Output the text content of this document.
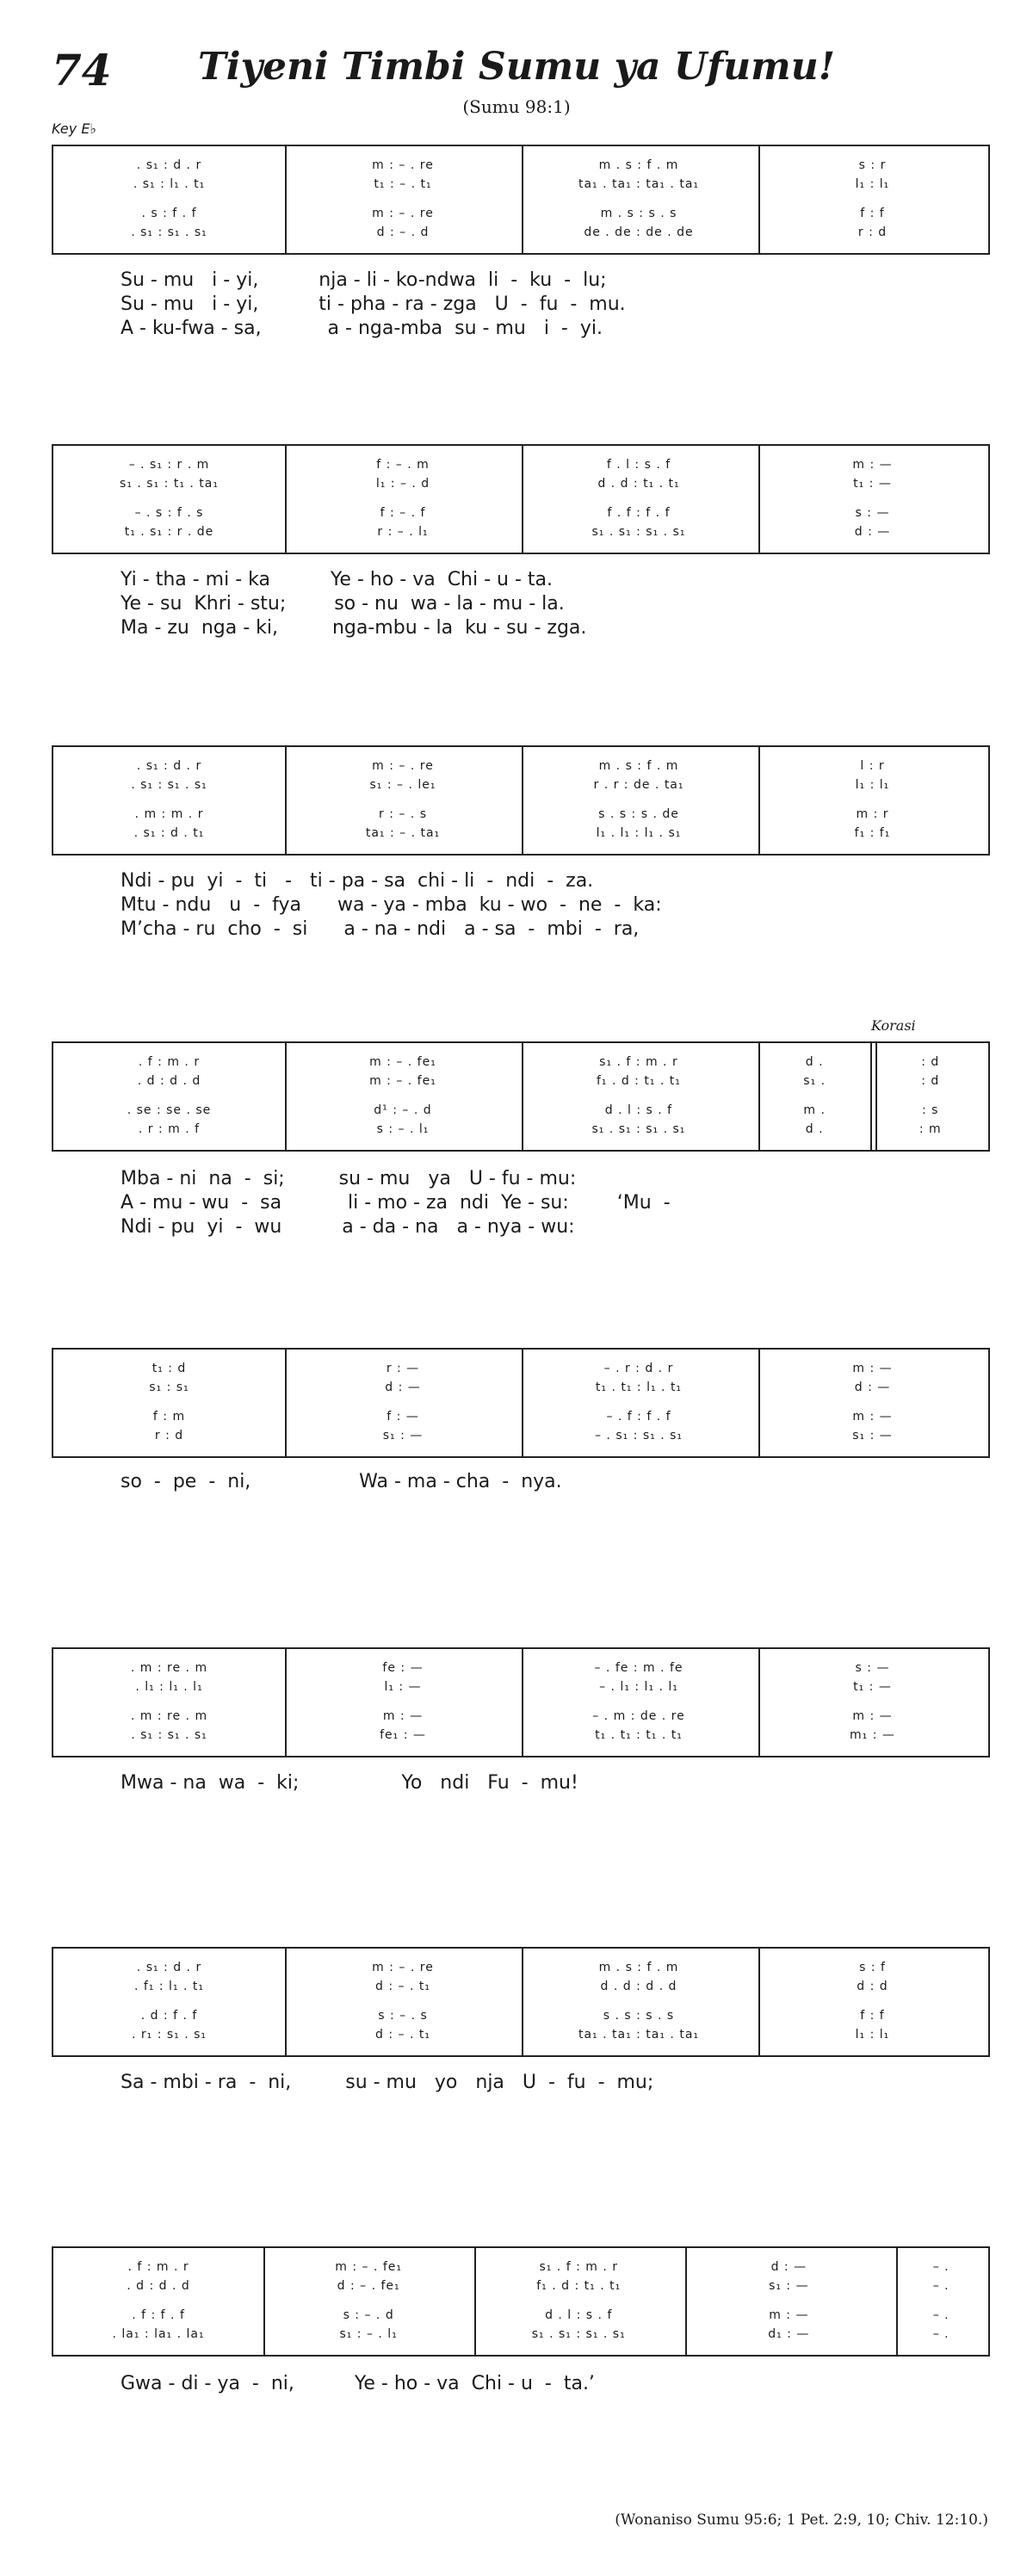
74	Tiyeni Timbi Sumu ya Ufumu!
(Sumu 98:1)
Key E♭
Korasi
. s₁ : d . r	m : – . re	m . s : f . m	s : r
. s₁ : l₁ . t₁	t₁ : – . t₁	ta₁ . ta₁ : ta₁ . ta₁	l₁ : l₁
. s : f . f	m : – . re	m . s : s . s	f : f
. s₁ : s₁ . s₁	d : – . d	de . de : de . de	r : d
Su - mu   i - yi,          nja - li - ko-ndwa  li  -  ku  -  lu;
Su - mu   i - yi,          ti - pha - ra - zga   U  -  fu  -  mu.
A - ku-fwa - sa,           a - nga-mba  su - mu   i  -  yi.
– . s₁ : r . m	f : – . m	f . l : s . f	m : —
s₁ . s₁ : t₁ . ta₁	l₁ : – . d	d . d : t₁ . t₁	t₁ : —
– . s : f . s	f : – . f	f . f : f . f	s : —
t₁ . s₁ : r . de	r : – . l₁	s₁ . s₁ : s₁ . s₁	d : —
Yi - tha - mi - ka          Ye - ho - va  Chi - u - ta.
Ye - su  Khri - stu;        so - nu  wa - la - mu - la.
Ma - zu  nga - ki,         nga-mbu - la  ku - su - zga.
. s₁ : d . r	m : – . re	m . s : f . m	l : r
. s₁ : s₁ . s₁	s₁ : – . le₁	r . r : de . ta₁	l₁ : l₁
. m : m . r	r : – . s	s . s : s . de	m : r
. s₁ : d . t₁	ta₁ : – . ta₁	l₁ . l₁ : l₁ . s₁	f₁ : f₁
Ndi - pu  yi  -  ti   -   ti - pa - sa  chi - li  -  ndi  -  za.
Mtu - ndu   u  -  fya      wa - ya - mba  ku - wo  -  ne  -  ka:
M’cha - ru  cho  -  si      a - na - ndi   a - sa  -  mbi  -  ra,
. f : m . r	m : – . fe₁	s₁ . f : m . r	d .	: d
. d : d . d	m : – . fe₁	f₁ . d : t₁ . t₁	s₁ .	: d
. se : se . se	d¹ : – . d	d . l : s . f	m .	: s
. r : m . f	s : – . l₁	s₁ . s₁ : s₁ . s₁	d .	: m
Mba - ni  na  -  si;         su - mu   ya   U - fu - mu:
A - mu - wu  -  sa           li - mo - za  ndi  Ye - su:        ‘Mu  -
Ndi - pu  yi  -  wu          a - da - na   a - nya - wu:
t₁ : d	r : —	– . r : d . r	m : —
s₁ : s₁	d : —	t₁ . t₁ : l₁ . t₁	d : —
f : m	f : —	– . f : f . f	m : —
r : d	s₁ : —	– . s₁ : s₁ . s₁	s₁ : —
so  -  pe  -  ni,                  Wa - ma - cha  -  nya.
. m : re . m	fe : —	– . fe : m . fe	s : —
. l₁ : l₁ . l₁	l₁ : —	– . l₁ : l₁ . l₁	t₁ : —
. m : re . m	m : —	– . m : de . re	m : —
. s₁ : s₁ . s₁	fe₁ : —	t₁ . t₁ : t₁ . t₁	m₁ : —
Mwa - na  wa  -  ki;                 Yo   ndi   Fu  -  mu!
. s₁ : d . r	m : – . re	m . s : f . m	s : f
. f₁ : l₁ . t₁	d : – . t₁	d . d : d . d	d : d
. d : f . f	s : – . s	s . s : s . s	f : f
. r₁ : s₁ . s₁	d : – . t₁	ta₁ . ta₁ : ta₁ . ta₁	l₁ : l₁
Sa - mbi - ra  -  ni,         su - mu   yo   nja   U  -  fu  -  mu;
. f : m . r	m : – . fe₁	s₁ . f : m . r	d : —	– .
. d : d . d	d : – . fe₁	f₁ . d : t₁ . t₁	s₁ : —	– .
. f : f . f	s : – . d	d . l : s . f	m : —	– .
. la₁ : la₁ . la₁	s₁ : – . l₁	s₁ . s₁ : s₁ . s₁	d₁ : —	– .
Gwa - di - ya  -  ni,          Ye - ho - va  Chi - u  -  ta.’
(Wonaniso Sumu 95:6; 1 Pet. 2:9, 10; Chiv. 12:10.)
